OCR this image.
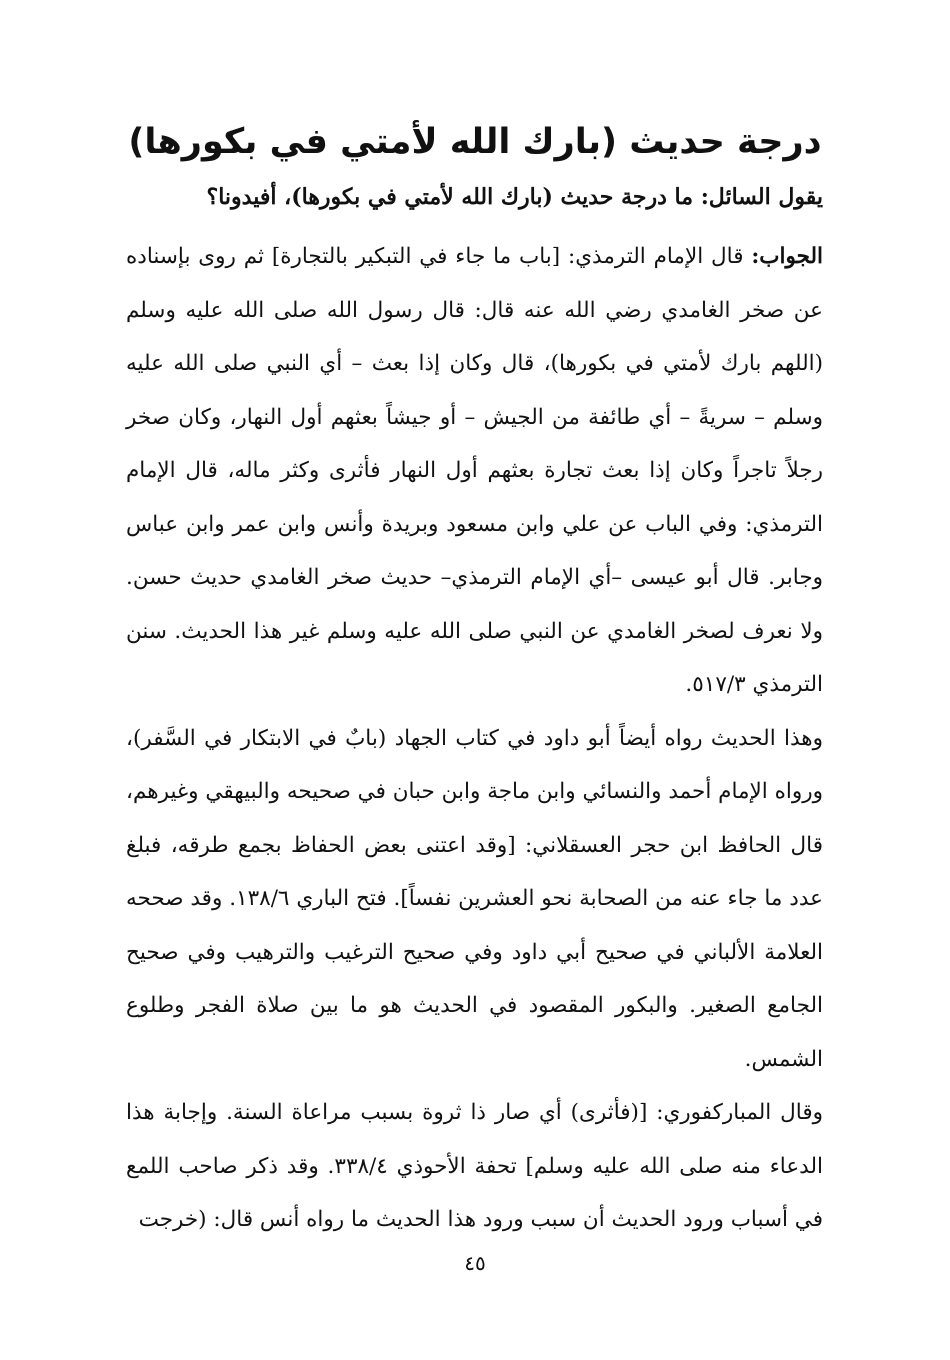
درجة حديث (بارك الله لأمتي في بكورها)

يقول السائل: ما درجة حديث (بارك الله لأمتي في بكورها)، أفيدونا؟

الجواب: قال الإمام الترمذي: [باب ما جاء في التبكير بالتجارة] ثم روى بإسناده عن صخر الغامدي رضي الله عنه قال: قال رسول الله صلى الله عليه وسلم (اللهم بارك لأمتي في بكورها)، قال وكان إذا بعث – أي النبي صلى الله عليه وسلم – سريةً – أي طائفة من الجيش – أو جيشاً بعثهم أول النهار، وكان صخر رجلاً تاجراً وكان إذا بعث تجارة بعثهم أول النهار فأثرى وكثر ماله، قال الإمام الترمذي: وفي الباب عن علي وابن مسعود وبريدة وأنس وابن عمر وابن عباس وجابر. قال أبو عيسى –أي الإمام الترمذي– حديث صخر الغامدي حديث حسن. ولا نعرف لصخر الغامدي عن النبي صلى الله عليه وسلم غير هذا الحديث. سنن الترمذي ٥١٧/٣.

وهذا الحديث رواه أيضاً أبو داود في كتاب الجهاد (بابٌ في الابتكار في السَّفر)، ورواه الإمام أحمد والنسائي وابن ماجة وابن حبان في صحيحه والبيهقي وغيرهم، قال الحافظ ابن حجر العسقلاني: [وقد اعتنى بعض الحفاظ بجمع طرقه، فبلغ عدد ما جاء عنه من الصحابة نحو العشرين نفساً]. فتح الباري ١٣٨/٦. وقد صححه العلامة الألباني في صحيح أبي داود وفي صحيح الترغيب والترهيب وفي صحيح الجامع الصغير. والبكور المقصود في الحديث هو ما بين صلاة الفجر وطلوع الشمس.

وقال المباركفوري: [(فأثرى) أي صار ذا ثروة بسبب مراعاة السنة. وإجابة هذا الدعاء منه صلى الله عليه وسلم] تحفة الأحوذي ٣٣٨/٤. وقد ذكر صاحب اللمع في أسباب ورود الحديث أن سبب ورود هذا الحديث ما رواه أنس قال: (خرجت

٤٥
